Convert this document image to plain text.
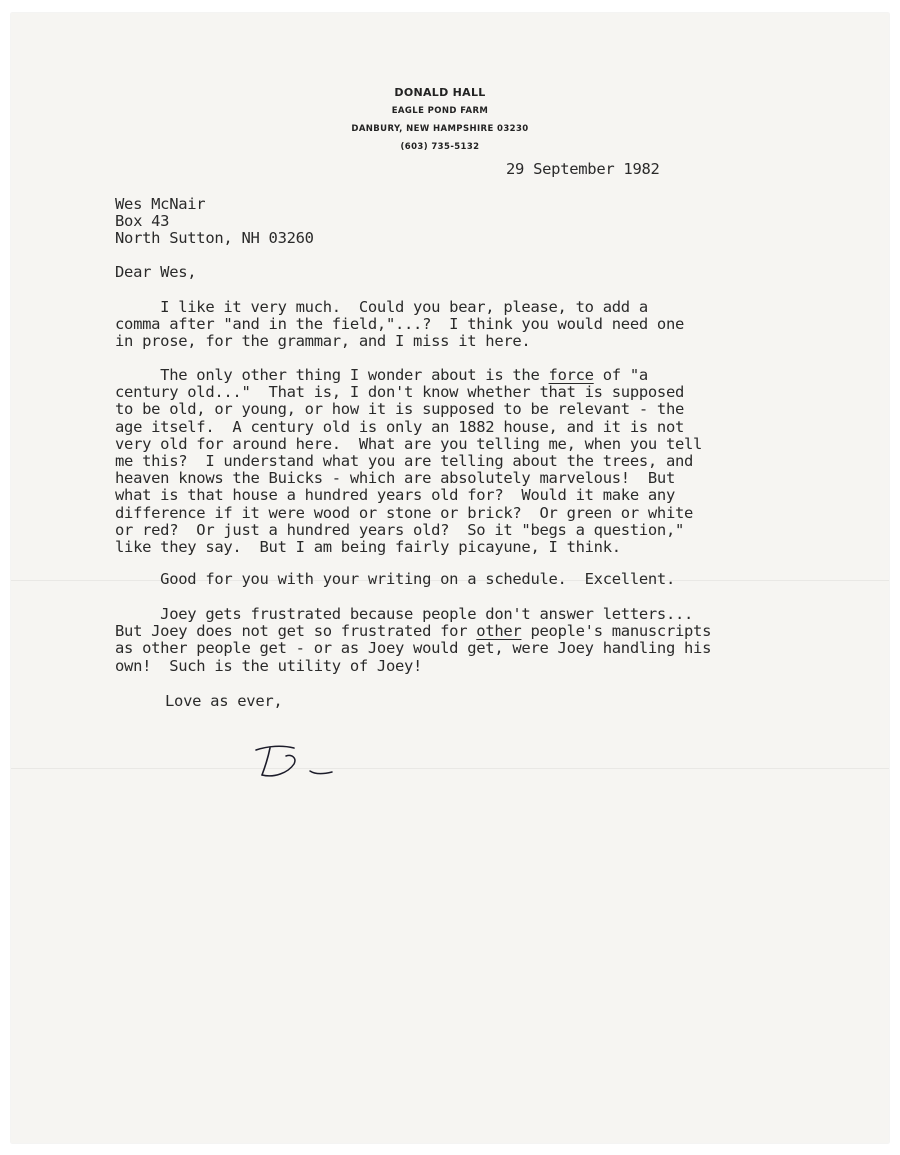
DONALD HALL
EAGLE POND FARM
DANBURY, NEW HAMPSHIRE 03230
(603) 735-5132
29 September 1982
Wes McNair
Box 43
North Sutton, NH 03260
Dear Wes,
I like it very much.  Could you bear, please, to add a
comma after "and in the field,"...?  I think you would need one
in prose, for the grammar, and I miss it here.
The only other thing I wonder about is the force of "a
century old..."  That is, I don't know whether that is supposed
to be old, or young, or how it is supposed to be relevant - the
age itself.  A century old is only an 1882 house, and it is not
very old for around here.  What are you telling me, when you tell
me this?  I understand what you are telling about the trees, and
heaven knows the Buicks - which are absolutely marvelous!  But
what is that house a hundred years old for?  Would it make any
difference if it were wood or stone or brick?  Or green or white
or red?  Or just a hundred years old?  So it "begs a question,"
like they say.  But I am being fairly picayune, I think.
Good for you with your writing on a schedule.  Excellent.
Joey gets frustrated because people don't answer letters...
But Joey does not get so frustrated for other people's manuscripts
as other people get - or as Joey would get, were Joey handling his
own!  Such is the utility of Joey!
Love as ever,
